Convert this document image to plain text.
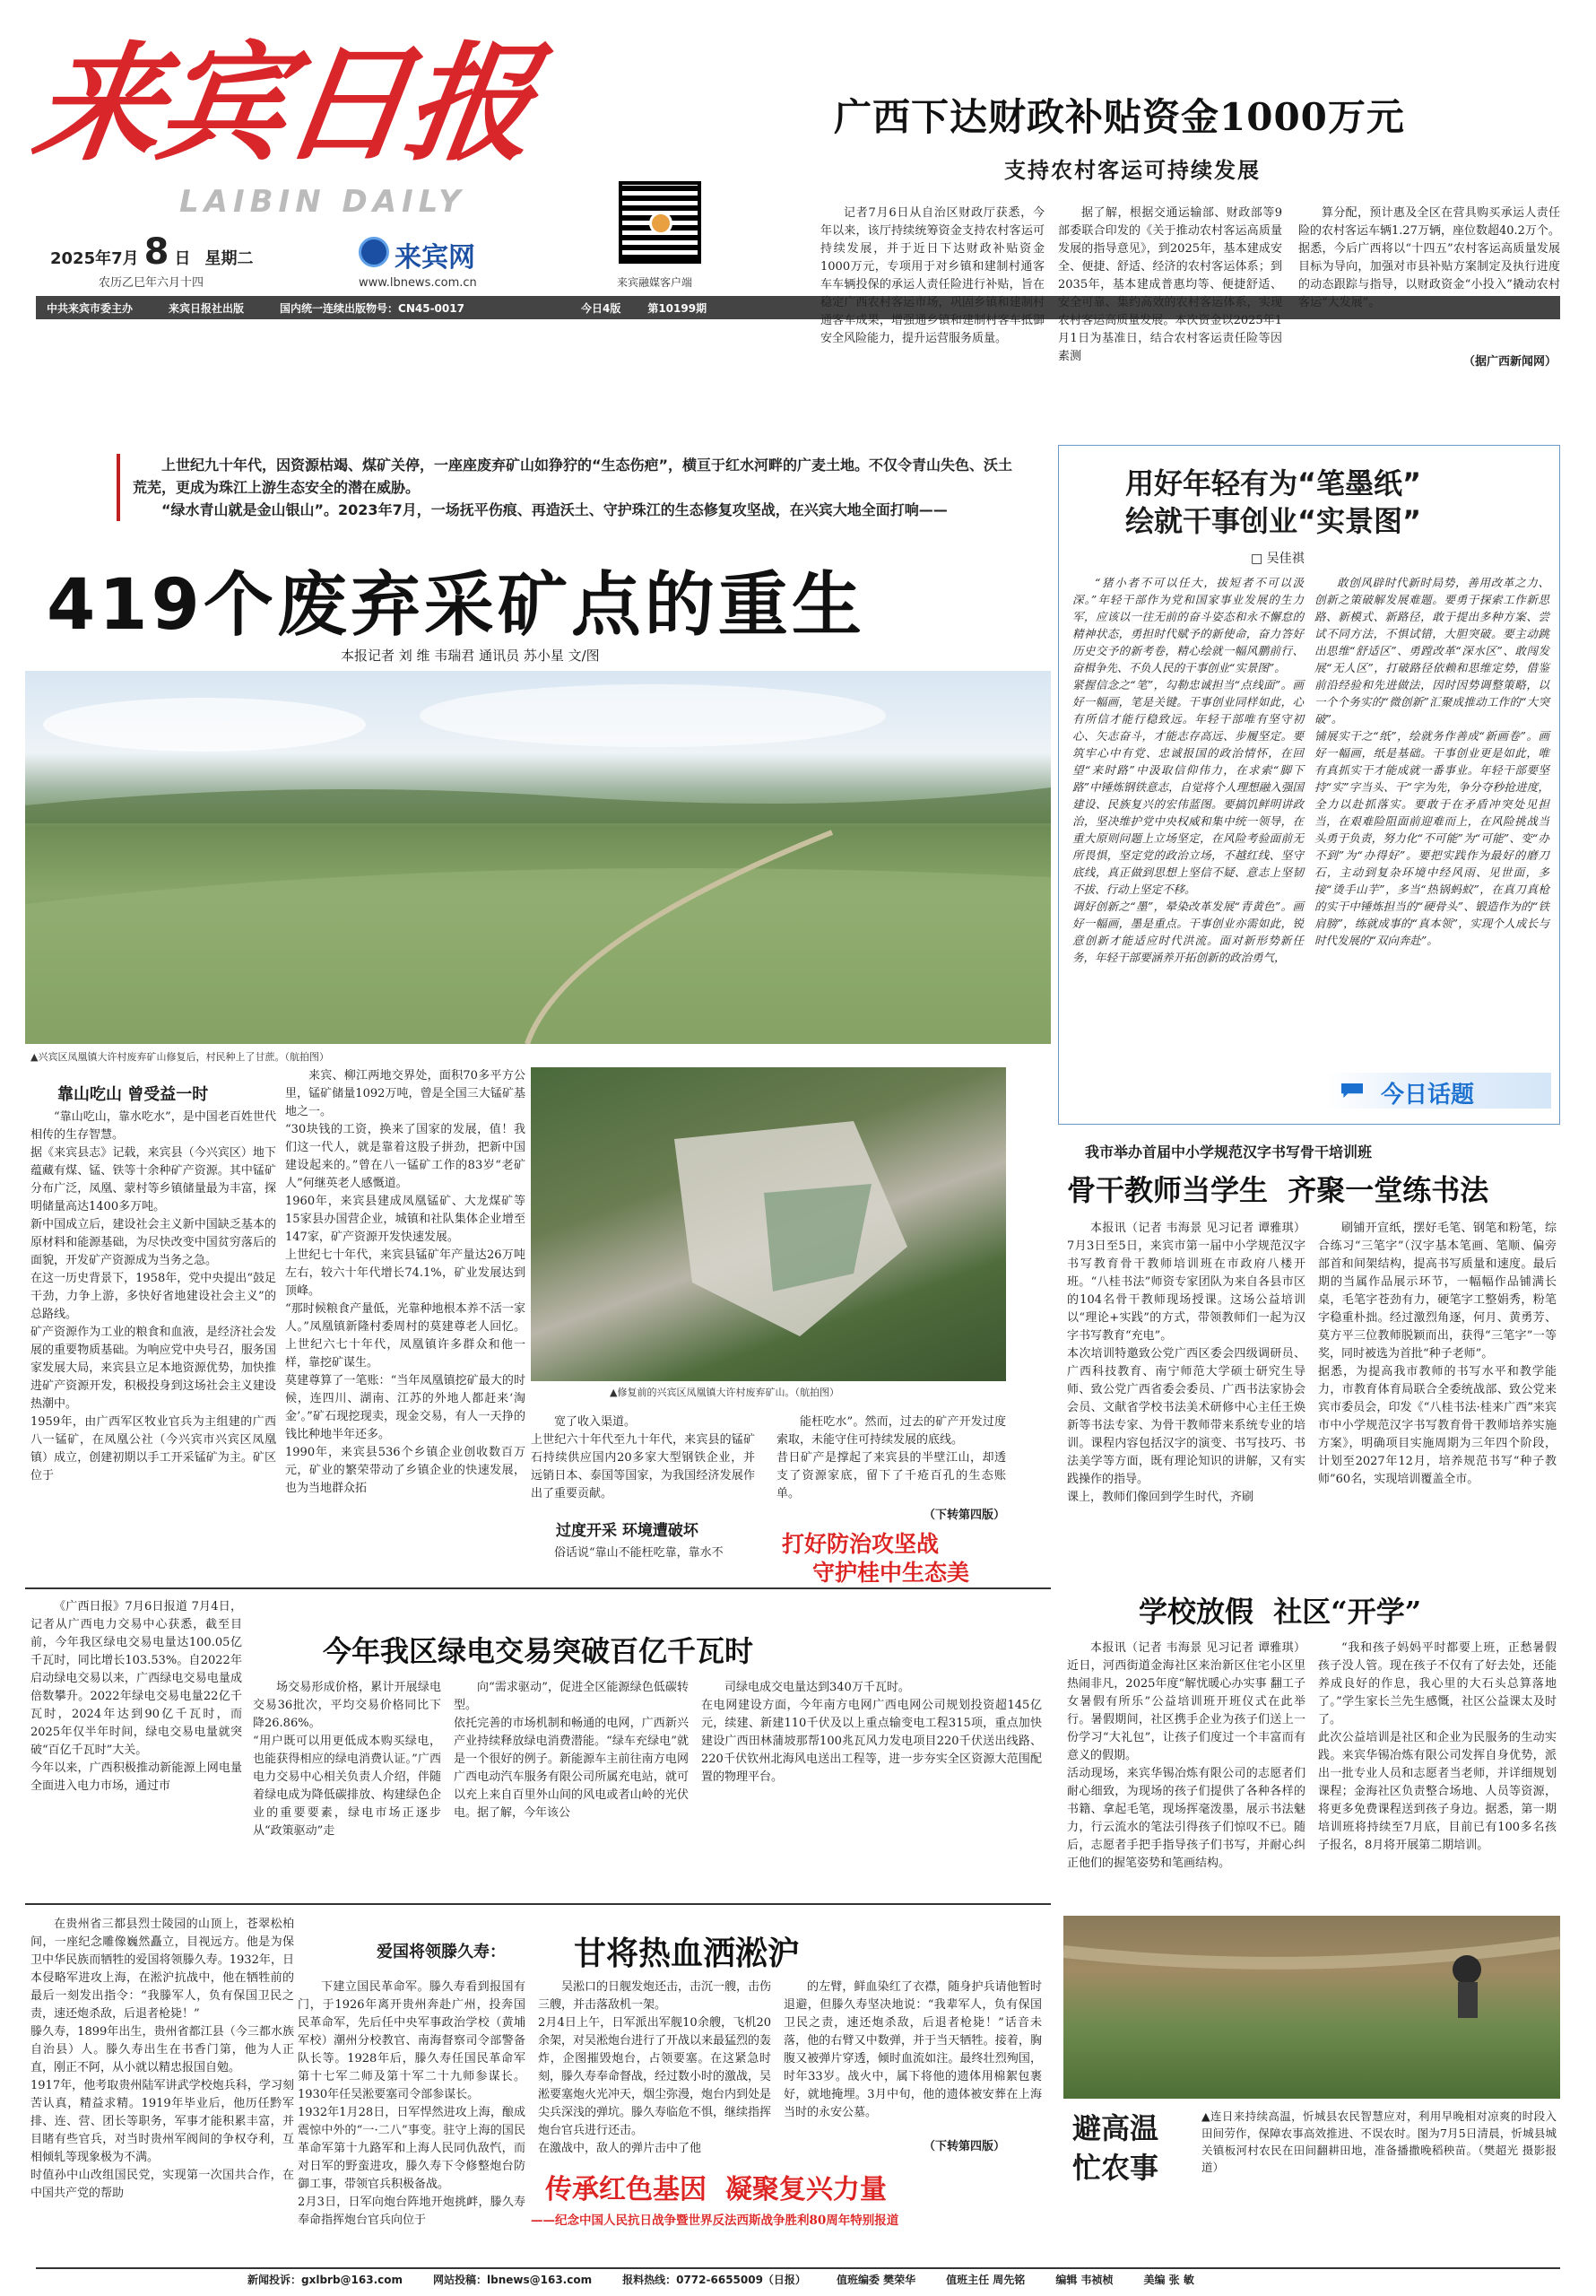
来宾日报
LAIBIN DAILY
2025年7月 8 日 星期二
农历乙巳年六月十四
来宾网
www.lbnews.com.cn	来宾融媒客户端
中共来宾市委主办	来宾日报社出版	国内统一连续出版物号：CN45-0017	今日4版	第10199期
广西下达财政补贴资金1000万元
支持农村客运可持续发展
记者7月6日从自治区财政厅获悉，今年以来，该厅持续统筹资金支持农村客运可持续发展，并于近日下达财政补贴资金1000万元，专项用于对乡镇和建制村通客车车辆投保的承运人责任险进行补贴，旨在稳定广西农村客运市场，巩固乡镇和建制村通客车成果，增强通乡镇和建制村客车抵御安全风险能力，提升运营服务质量。
据了解，根据交通运输部、财政部等9部委联合印发的《关于推动农村客运高质量发展的指导意见》，到2025年，基本建成安全、便捷、舒适、经济的农村客运体系；到2035年，基本建成普惠均等、便捷舒适、安全可靠、集约高效的农村客运体系，实现农村客运高质量发展。本次资金以2025年1月1日为基准日，结合农村客运责任险等因素测
算分配，预计惠及全区在营具购买承运人责任险的农村客运车辆1.27万辆，座位数超40.2万个。
据悉，今后广西将以“十四五”农村客运高质量发展目标为导向，加强对市县补贴方案制定及执行进度的动态跟踪与指导，以财政资金“小投入”撬动农村客运“大发展”。
（据广西新闻网）
上世纪九十年代，因资源枯竭、煤矿关停，一座座废弃矿山如狰狞的“生态伤疤”，横亘于红水河畔的广麦土地。不仅令青山失色、沃土荒芜，更成为珠江上游生态安全的潜在威胁。
“绿水青山就是金山银山”。2023年7月，一场抚平伤痕、再造沃土、守护珠江的生态修复攻坚战，在兴宾大地全面打响——
419个废弃采矿点的重生
本报记者 刘 维 韦瑞君 通讯员 苏小星 文/图
▲兴宾区凤凰镇大许村废弃矿山修复后，村民种上了甘蔗。（航拍图）
靠山吃山 曾受益一时
“靠山吃山，靠水吃水”，是中国老百姓世代相传的生存智慧。
据《来宾县志》记载，来宾县（今兴宾区）地下蕴藏有煤、锰、铁等十余种矿产资源。其中锰矿分布广泛，凤凰、蒙村等乡镇储量最为丰富，探明储量高达1400多万吨。
新中国成立后，建设社会主义新中国缺乏基本的原材料和能源基础，为尽快改变中国贫穷落后的面貌，开发矿产资源成为当务之急。
在这一历史背景下，1958年，党中央提出“鼓足干劲，力争上游，多快好省地建设社会主义”的总路线。
矿产资源作为工业的粮食和血液，是经济社会发展的重要物质基础。为响应党中央号召，服务国家发展大局，来宾县立足本地资源优势，加快推进矿产资源开发，积极投身到这场社会主义建设热潮中。
1959年，由广西军区牧业官兵为主组建的广西八一锰矿，在凤凰公社（今兴宾市兴宾区凤凰镇）成立，创建初期以手工开采锰矿为主。矿区位于
来宾、柳江两地交界处，面积70多平方公里，锰矿储量1092万吨，曾是全国三大锰矿基地之一。
“30块钱的工资，换来了国家的发展，值！我们这一代人，就是靠着这股子拼劲，把新中国建设起来的。”曾在八一锰矿工作的83岁“老矿人”何继英老人感慨道。
1960年，来宾县建成凤凰锰矿、大龙煤矿等15家县办国营企业，城镇和社队集体企业增至147家，矿产资源开发快速发展。
上世纪七十年代，来宾县锰矿年产量达26万吨左右，较六十年代增长74.1%，矿业发展达到顶峰。
“那时候粮食产量低，光靠种地根本养不活一家人。”凤凰镇新隆村委周村的莫建尊老人回忆。上世纪六七十年代，凤凰镇许多群众和他一样，靠挖矿谋生。
莫建尊算了一笔账：“当年凤凰镇挖矿最大的时候，连四川、湖南、江苏的外地人都赶来‘淘金’。”矿石现挖现卖，现金交易，有人一天挣的钱比种地半年还多。
1990年，来宾县536个乡镇企业创收数百万元，矿业的繁荣带动了乡镇企业的快速发展，也为当地群众拓
▲修复前的兴宾区凤凰镇大许村废弃矿山。（航拍图）
宽了收入渠道。
上世纪六十年代至九十年代，来宾县的锰矿石持续供应国内20多家大型钢铁企业，并远销日本、泰国等国家，为我国经济发展作出了重要贡献。
过度开采 环境遭破坏
俗话说“靠山不能枉吃靠，靠水不
能枉吃水”。然而，过去的矿产开发过度索取，未能守住可持续发展的底线。
昔日矿产是撑起了来宾县的半壁江山，却透支了资源家底，留下了千疮百孔的生态账单。
（下转第四版）
打好防治攻坚战
守护桂中生态美
用好年轻有为“笔墨纸”
绘就干事创业“实景图”
□ 吴佳祺
“猪小者不可以任大，拔短者不可以汲深。”年轻干部作为党和国家事业发展的生力军，应该以一往无前的奋斗姿态和永不懈怠的精神状态，勇担时代赋予的新使命，奋力答好历史交予的新考卷，精心绘就一幅风鹏前行、奋楫争先、不负人民的干事创业“实景图”。
紧握信念之“笔”，勾勒忠诚担当“点线面”。画好一幅画，笔是关键。干事创业同样如此，心有所信才能行稳致远。年轻干部唯有坚守初心、矢志奋斗，才能志存高远、步履坚定。要筑牢心中有党、忠诚报国的政治情怀，在回望“来时路”中汲取信仰伟力，在求索“脚下路”中锤炼钢铁意志，自觉将个人理想融入强国建设、民族复兴的宏伟蓝图。要搞饥鲜明讲政治，坚决维护党中央权威和集中统一领导，在重大原则问题上立场坚定，在风险考验面前无所畏惧，坚定党的政治立场，不越红线、坚守底线，真正做到思想上坚信不疑、意志上坚韧不拔、行动上坚定不移。
调好创新之“墨”，晕染改革发展“青黄色”。画好一幅画，墨是重点。干事创业亦需如此，锐意创新才能适应时代洪流。面对新形势新任务，年轻干部要涵养开拓创新的政治勇气，
敢创风辟时代新时局势，善用改革之力、创新之策破解发展难题。要勇于探索工作新思路、新模式、新路径，敢于提出多种方案、尝试不同方法，不惧试错，大胆突破。要主动跳出思维“舒适区”、勇蹚改革“深水区”、敢闯发展“无人区”，打破路径依赖和思维定势，借鉴前沿经验和先进做法，因时因势调整策略，以一个个务实的“微创新”汇聚成推动工作的“大突破”。
铺展实干之“纸”，绘就务作善成“新画卷”。画好一幅画，纸是基础。干事创业更是如此，唯有真抓实干才能成就一番事业。年轻干部要坚持“实”字当头、干“字为先，争分夺秒抢进度，全力以赴抓落实。要敢于在矛盾冲突处见担当，在艰难险阻面前迎难而上，在风险挑战当头勇于负责，努力化“不可能”为“可能”、变“办不到”为“办得好”。要把实践作为最好的磨刀石，主动到复杂环境中经风雨、见世面，多接“烫手山芋”，多当“热锅蚂蚁”，在真刀真枪的实干中锤炼担当的“硬骨头”、锻造作为的“铁肩膀”，练就成事的“真本领”，实现个人成长与时代发展的“双向奔赴”。
今日话题
我市举办首届中小学规范汉字书写骨干培训班
骨干教师当学生  齐聚一堂练书法
本报讯（记者 韦海景 见习记者 谭雅琪）7月3日至5日，来宾市第一届中小学规范汉字书写教育骨干教师培训班在市政府八楼开班。“八桂书法”师资专家团队为来自各县市区的104名骨干教师现场授课。这场公益培训以“理论+实践”的方式，带领教师们一起为汉字书写教育“充电”。
本次培训特邀致公党广西区委会四级调研员、广西科技教育、南宁师范大学硕士研究生导师、致公党广西省委会委员、广西书法家协会会员、文献省学校书法美术研修中心主任王焕新等书法专家、为骨干教师带来系统专业的培训。课程内容包括汉字的演变、书写技巧、书法美学等方面，既有理论知识的讲解，又有实践操作的指导。
课上，教师们像回到学生时代，齐刷
刷铺开宣纸，摆好毛笔、钢笔和粉笔，综合练习“三笔字”（汉字基本笔画、笔顺、偏旁部首和间架结构，提高书写质量和速度。最后期的当属作品展示环节，一幅幅作品铺满长桌，毛笔字苍劲有力，硬笔字工整娟秀，粉笔字稳重朴拙。经过激烈角逐，何月、黄勇芳、莫方平三位教师脱颖而出，获得“三笔字”一等奖，同时被选为首批“种子老师”。
据悉，为提高我市教师的书写水平和教学能力，市教育体育局联合全委统战部、致公党来宾市委员会，印发《“八桂书法·桂来广西”来宾市中小学规范汉字书写教育骨干教师培养实施方案》，明确项目实施周期为三年四个阶段，计划至2027年12月，培养规范书写“种子教师”60名，实现培训覆盖全市。
学校放假  社区“开学”
本报讯（记者 韦海景 见习记者 谭雅琪）近日，河西街道金海社区来治新区住宅小区里热闹非凡，2025年度“解忧暖心办实事 翻工子女暑假有所乐”公益培训班开班仪式在此举行。暑假期间，社区携手企业为孩子们送上一份学习“大礼包”，让孩子们度过一个丰富而有意义的假期。
活动现场，来宾华锡冶炼有限公司的志愿者们耐心细致，为现场的孩子们提供了各种各样的书籍、拿起毛笔，现场挥毫泼墨，展示书法魅力，行云流水的笔法引得孩子们惊叹不已。随后，志愿者手把手指导孩子们书写，并耐心纠正他们的握笔姿势和笔画结构。
“我和孩子妈妈平时都要上班，正愁暑假孩子没人管。现在孩子不仅有了好去处，还能养成良好的作息，我心里的大石头总算落地了。”学生家长兰先生感慨，社区公益课太及时了。
此次公益培训是社区和企业为民服务的生动实践。来宾华锡冶炼有限公司发挥自身优势，派出一批专业人员和志愿者当老师，并详细规划课程；金海社区负责整合场地、人员等资源，将更多免费课程送到孩子身边。据悉，第一期培训班将持续至7月底，目前已有100多名孩子报名，8月将开展第二期培训。
《广西日报》7月6日报道 7月4日，记者从广西电力交易中心获悉，截至目前，今年我区绿电交易电量达100.05亿千瓦时，同比增长103.53%。自2022年启动绿电交易以来，广西绿电交易电量成倍数攀升。2022年绿电交易电量22亿千瓦时，2024年达到90亿千瓦时，而2025年仅半年时间，绿电交易电量就突破“百亿千瓦时”大关。
今年以来，广西积极推动新能源上网电量全面进入电力市场，通过市
今年我区绿电交易突破百亿千瓦时
场交易形成价格，累计开展绿电交易36批次，平均交易价格同比下降26.86%。
“用户既可以用更低成本购买绿电，也能获得相应的绿电消费认证。”广西电力交易中心相关负责人介绍，伴随着绿电成为降低碳排放、构建绿色企业的重要要素，绿电市场正逐步从“政策驱动”走
向“需求驱动”，促进全区能源绿色低碳转型。
依托完善的市场机制和畅通的电网，广西新兴产业持续释放绿电消费潜能。“绿车充绿电”就是一个很好的例子。新能源车主前往南方电网广西电动汽车服务有限公司所属充电站，就可以充上来自百里外山间的风电或者山岭的光伏电。据了解，今年该公
司绿电成交电量达到340万千瓦时。
在电网建设方面，今年南方电网广西电网公司规划投资超145亿元，续建、新建110千伏及以上重点输变电工程315项，重点加快建设广西田林蒲坡那帮100兆瓦风力发电项目220千伏送出线路、220千伏钦州北海风电送出工程等，进一步夯实全区资源大范围配置的物理平台。
爱国将领滕久寿： 甘将热血洒淞沪
在贵州省三都县烈士陵园的山顶上，苍翠松柏间，一座纪念雕像巍然矗立，目视远方。他是为保卫中华民族而牺牲的爱国将领滕久寿。1932年，日本侵略军进攻上海，在淞沪抗战中，他在牺牲前的最后一刻发出指令：“我滕军人，负有保国卫民之责，速还炮杀敌，后退者枪毙！”
滕久寿，1899年出生，贵州省都江县（今三都水族自治县）人。滕久寿出生在书香门第，他为人正直，刚正不阿，从小就以精忠报国自勉。
1917年，他考取贵州陆军讲武学校炮兵科，学习刻苦认真，精益求精。1919年毕业后，他历任黔军排、连、营、团长等职务，军事才能积累丰富，并目睹有些官兵，对当时贵州军阀间的争权夺利，互相倾轧等现象极为不满。
时值孙中山改组国民党，实现第一次国共合作，在中国共产党的帮助
下建立国民革命军。滕久寿看到报国有门，于1926年离开贵州奔赴广州，投奔国民革命军，先后任中央军事政治学校（黄埔军校）潮州分校教官、南海督察司令部警备队长等。1928年后，滕久寿任国民革命军第十七军二师及第十军二十九师参谋长。1930年任吴淞要塞司令部参谋长。
1932年1月28日，日军悍然进攻上海，酿成震惊中外的“一·二八”事变。驻守上海的国民革命军第十九路军和上海人民同仇敌忾，而对日军的野蛮进攻，滕久寿下令修整炮台防御工事，带领官兵积极备战。
2月3日，日军向炮台阵地开炮挑衅，滕久寿奉命指挥炮台官兵向位于
吴淞口的日舰发炮还击，击沉一艘，击伤三艘，并击落敌机一架。
2月4日上午，日军派出军舰10余艘，飞机20余架，对吴淞炮台进行了开战以来最猛烈的轰炸，企图摧毁炮台，占领要塞。在这紧急时刻，滕久寿奉命督战，经过数小时的激战，吴淞要塞炮火光冲天，烟尘弥漫，炮台内到处是尖兵深浅的弹坑。滕久寿临危不惧，继续指挥炮台官兵进行还击。
在激战中，敌人的弹片击中了他
的左臂，鲜血染红了衣襟，随身护兵请他暂时退避，但滕久寿坚决地说：“我辈军人，负有保国卫民之责，速还炮杀敌，后退者枪毙！”话音未落，他的右臂又中数弹，并于当天牺牲。接着，胸腹又被弹片穿透，倾时血流如注。最终壮烈殉国，时年33岁。战火中，属下将他的遗体用棉絮包裹好，就地掩埋。3月中旬，他的遗体被安葬在上海当时的永安公墓。
（下转第四版）
传承红色基因  凝聚复兴力量
——纪念中国人民抗日战争暨世界反法西斯战争胜利80周年特别报道
避高温
忙农事
▲连日来持续高温，忻城县农民智慧应对，利用早晚相对凉爽的时段入田间劳作，保障农事高效推进、不误农时。图为7月5日清晨，忻城县城关镇板河村农民在田间翻耕田地，准备播撒晚稻秧苗。（樊超光 摄影报道）
新闻投诉：gxlbrb@163.com	网站投稿：lbnews@163.com	报料热线：0772-6655009（日报）	值班编委 樊荣华	值班主任 周先铭	编辑 韦祯桢	美编 张 敏
